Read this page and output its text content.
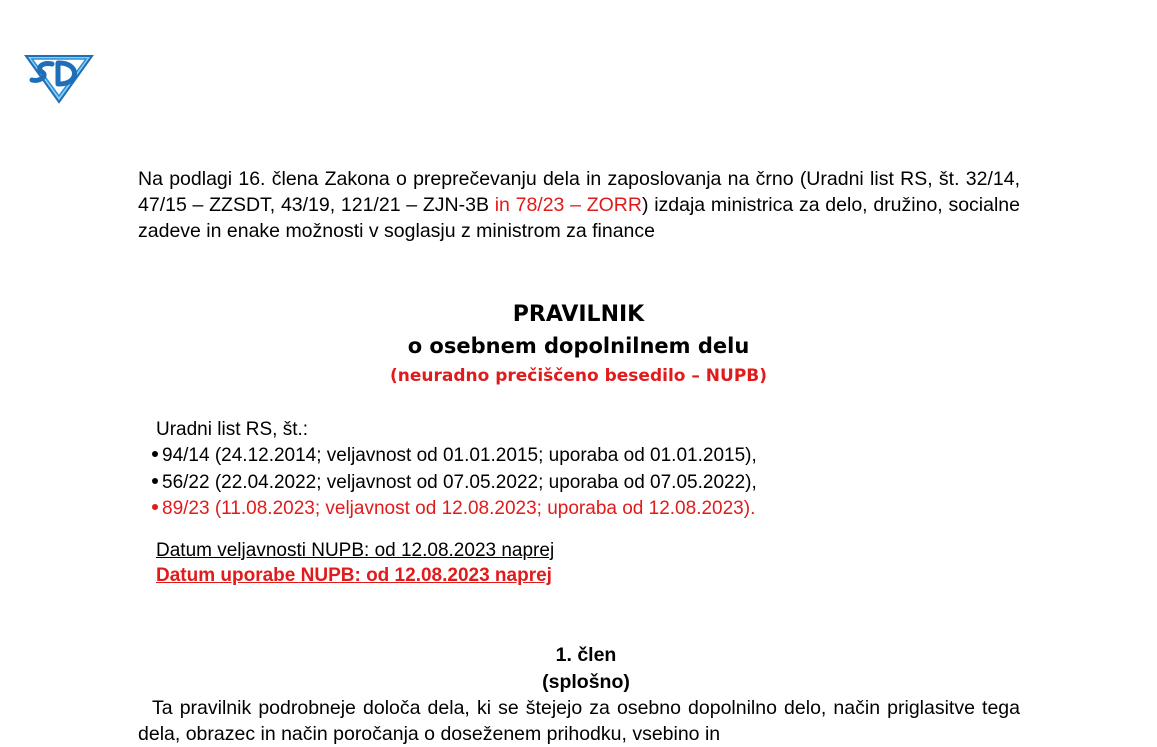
Na podlagi 16. člena Zakona o preprečevanju dela in zaposlovanja na črno (Uradni list RS, št. 32/14, 47/15 – ZZSDT, 43/19, 121/21 – ZJN-3B in 78/23 – ZORR) izdaja ministrica za delo, družino, socialne zadeve in enake možnosti v soglasju z ministrom za finance
PRAVILNIK
o osebnem dopolnilnem delu
(neuradno prečiščeno besedilo – NUPB)
Uradni list RS, št.:
94/14 (24.12.2014; veljavnost od 01.01.2015; uporaba od 01.01.2015),
56/22 (22.04.2022; veljavnost od 07.05.2022; uporaba od 07.05.2022),
89/23 (11.08.2023; veljavnost od 12.08.2023; uporaba od 12.08.2023).
Datum veljavnosti NUPB: od 12.08.2023 naprej
Datum uporabe NUPB: od 12.08.2023 naprej
1. člen
(splošno)
Ta pravilnik podrobneje določa dela, ki se štejejo za osebno dopolnilno delo, način priglasitve tega dela, obrazec in način poročanja o doseženem prihodku, vsebino in
